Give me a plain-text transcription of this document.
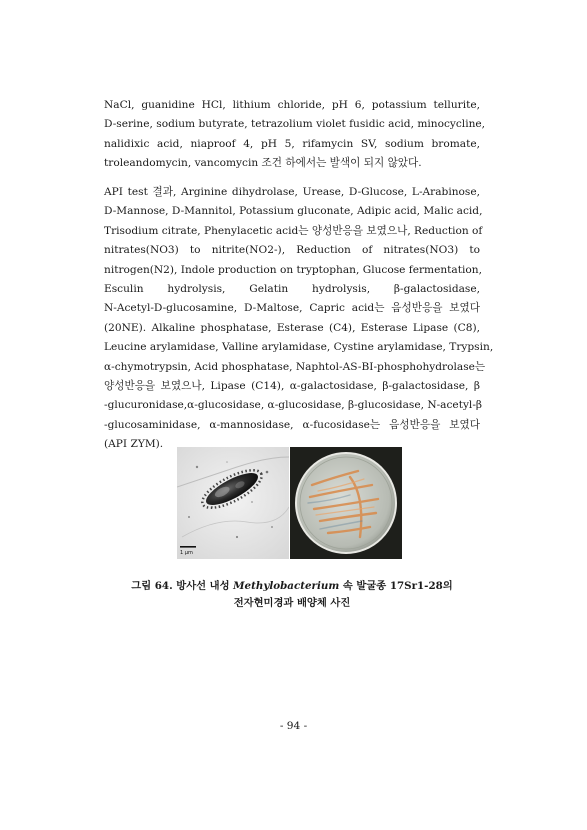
NaCl, guanidine HCl, lithium chloride, pH 6, potassium tellurite,
D-serine, sodium butyrate, tetrazolium violet fusidic acid, minocycline,
nalidixic acid, niaproof 4, pH 5, rifamycin SV, sodium bromate,
troleandomycin, vancomycin 조건 하에서는 발색이 되지 않았다.
API test 결과, Arginine dihydrolase, Urease, D-Glucose, L-Arabinose,
D-Mannose, D-Mannitol, Potassium gluconate, Adipic acid, Malic acid,
Trisodium citrate, Phenylacetic acid는 양성반응을 보였으나, Reduction of
nitrates(NO3) to nitrite(NO2-), Reduction of nitrates(NO3) to
nitrogen(N2), Indole production on tryptophan, Glucose fermentation,
Esculin hydrolysis, Gelatin hydrolysis, β-galactosidase,
N-Acetyl-D-glucosamine, D-Maltose, Capric acid는 음성반응을 보였다
(20NE). Alkaline phosphatase, Esterase (C4), Esterase Lipase (C8),
Leucine arylamidase, Valline arylamidase, Cystine arylamidase, Trypsin,
α-chymotrypsin, Acid phosphatase, Naphtol-AS-BI-phosphohydrolase는
양성반응을 보였으나, Lipase (C14), α-galactosidase, β-galactosidase, β
-glucuronidase,α-glucosidase, α-glucosidase, β-glucosidase, N-acetyl-β
-glucosaminidase, α-mannosidase, α-fucosidase는 음성반응을 보였다
(API ZYM).
1 μm
그림 64. 방사선 내성 Methylobacterium 속 발굴종 17Sr1-28의
전자현미경과 배양체 사진
- 94 -
